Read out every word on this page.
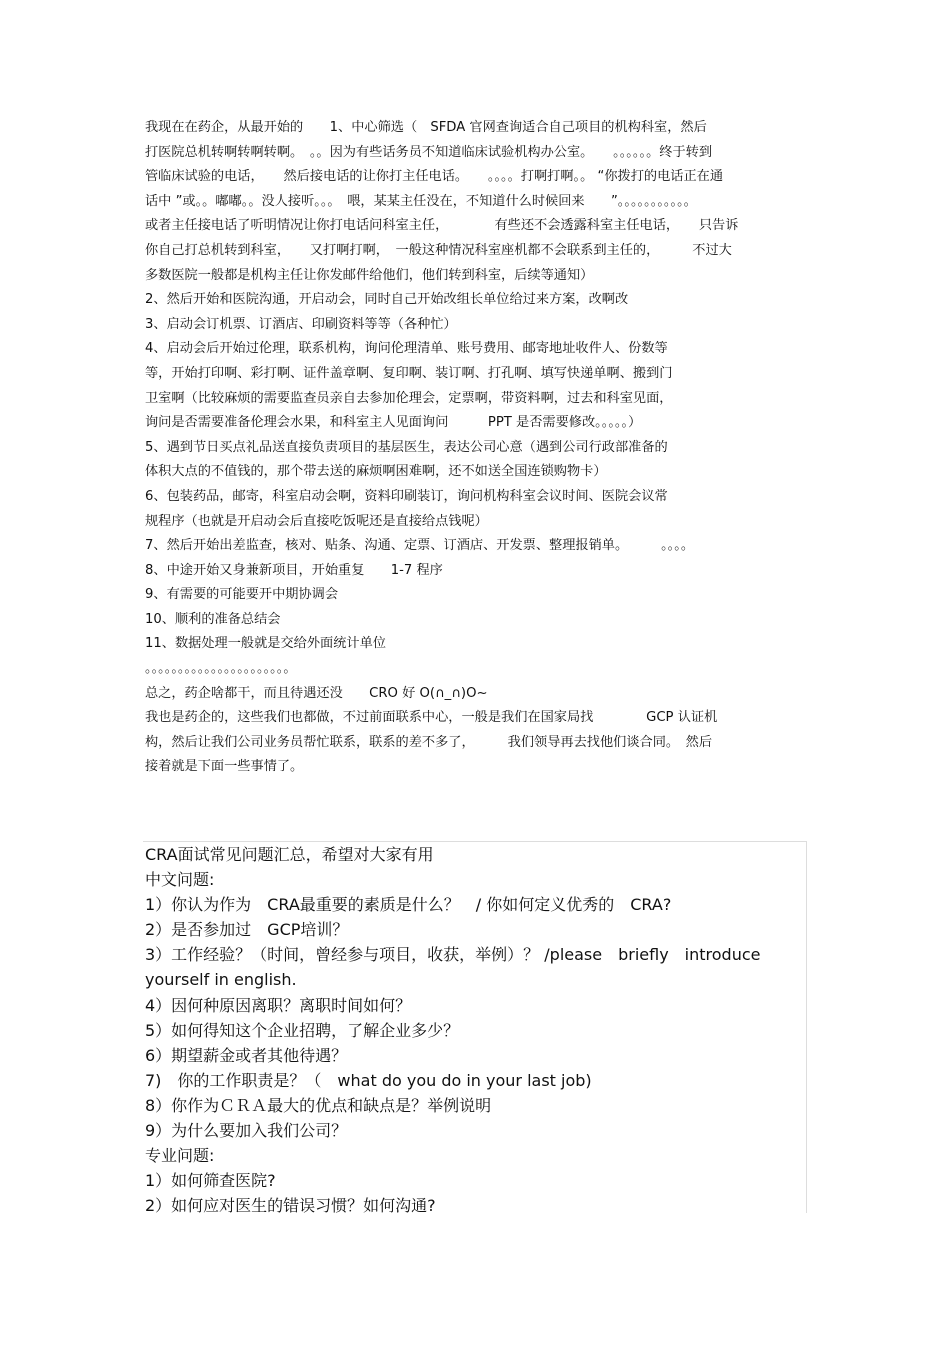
我现在在药企，从最开始的　　1、中心筛选（　SFDA 官网查询适合自己项目的机构科室，然后

打医院总机转啊转啊转啊。　。。因为有些话务员不知道临床试验机构办公室。　　。。。。。。终于转到

管临床试验的电话，　　然后接电话的让你打主任电话。　　。。。。打啊打啊。。 “你拨打的电话正在通

话中 ”或。。嘟嘟。。没人接听。。。　喂，某某主任没在，不知道什么时候回来　　”。。。。。。。。。。。

或者主任接电话了听明情况让你打电话问科室主任，　　　　有些还不会透露科室主任电话，　　只告诉

你自己打总机转到科室，　　又打啊打啊，　一般这种情况科室座机都不会联系到主任的，　　　不过大

多数医院一般都是机构主任让你发邮件给他们，他们转到科室，后续等通知）

2、然后开始和医院沟通，开启动会，同时自己开始改组长单位给过来方案，改啊改

3、启动会订机票、订酒店、印刷资料等等（各种忙）

4、启动会后开始过伦理，联系机构，询问伦理清单、账号费用、邮寄地址收件人、份数等

等，开始打印啊、彩打啊、证件盖章啊、复印啊、装订啊、打孔啊、填写快递单啊、搬到门

卫室啊（比较麻烦的需要监查员亲自去参加伦理会，定票啊，带资料啊，过去和科室见面，

询问是否需要准备伦理会水果，和科室主人见面询问　　　PPT 是否需要修改。。。。。）

5、遇到节日买点礼品送直接负责项目的基层医生，表达公司心意（遇到公司行政部准备的

体积大点的不值钱的，那个带去送的麻烦啊困难啊，还不如送全国连锁购物卡）

6、包装药品，邮寄，科室启动会啊，资料印刷装订，询问机构科室会议时间、医院会议常

规程序（也就是开启动会后直接吃饭呢还是直接给点钱呢）

7、然后开始出差监查，核对、贴条、沟通、定票、订酒店、开发票、整理报销单。　　　。。。。

8、中途开始又身兼新项目，开始重复　　1-7 程序

9、有需要的可能要开中期协调会

10、顺利的准备总结会

11、数据处理一般就是交给外面统计单位

。。。。。。。。。。。。。。。。。。。。。。

总之，药企啥都干，而且待遇还没　　CRO 好 O(∩_∩)O~

我也是药企的，这些我们也都做，不过前面联系中心，一般是我们在国家局找　　　　GCP 认证机

构，然后让我们公司业务员帮忙联系，联系的差不多了，　　　我们领导再去找他们谈合同。　然后

接着就是下面一些事情了。

CRA面试常见问题汇总，希望对大家有用

中文问题:

1）你认为作为　CRA最重要的素质是什么？　/ 你如何定义优秀的　CRA?

2）是否参加过　GCP培训？

3）工作经验？（时间，曾经参与项目，收获，举例）？ /please　briefly　introduce

yourself in english.

4）因何种原因离职？离职时间如何？

5）如何得知这个企业招聘，了解企业多少？

6）期望薪金或者其他待遇？

7)　你的工作职责是？（　what do you do in your last job)

8）你作为ＣＲＡ最大的优点和缺点是？举例说明

9）为什么要加入我们公司？

专业问题:

1）如何筛查医院?

2）如何应对医生的错误习惯？如何沟通?
